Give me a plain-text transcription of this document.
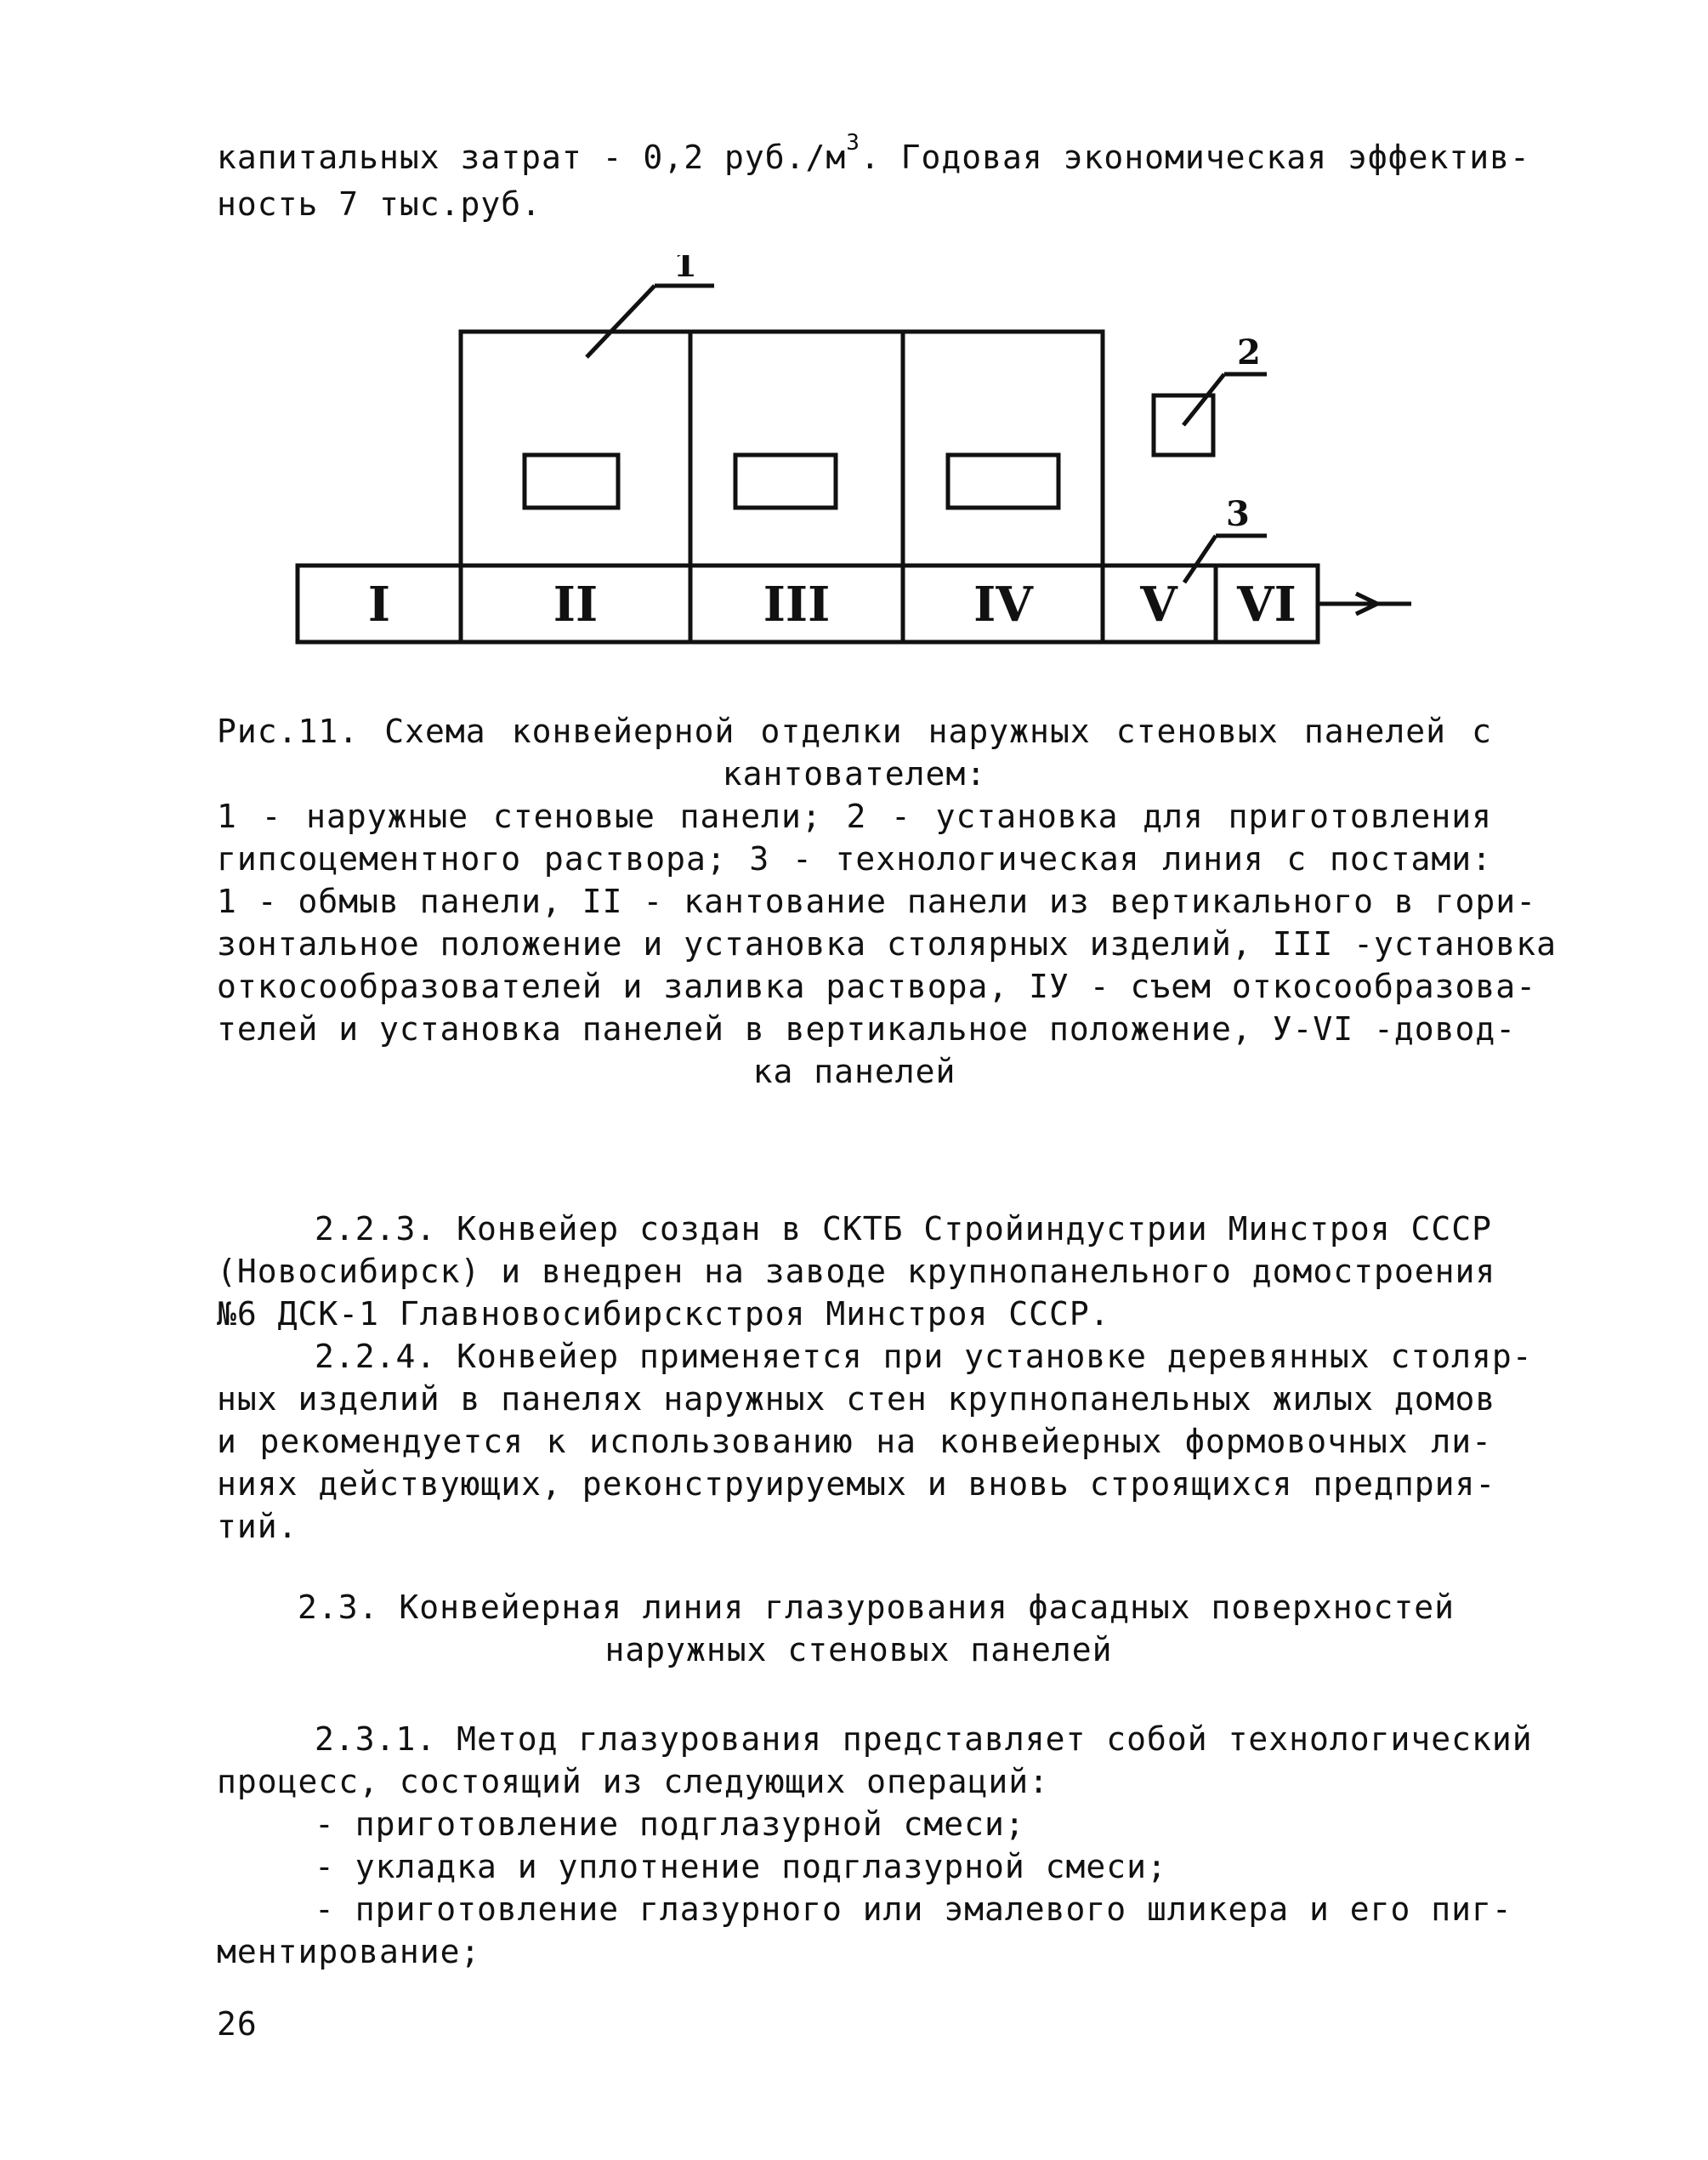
капитальных затрат - 0,2 $руб./м^3$. Годовая экономическая эффектив-
ность 7 тыс.руб.
1
2
3
I	II	III	IV V VI
Рис.11. Схема конвейерной отделки наружных стеновых панелей с
кантователем:
1 - наружные стеновые панели; 2 - установка для приготовления
гипсоцементного раствора; 3 - технологическая линия с постами:
1 - обмыв панели, II - кантование панели из вертикального в гори-
зонтальное положение и установка столярных изделий, III -установка
откосообразователей и заливка раствора, IУ - съем откосообразова-
телей и установка панелей в вертикальное положение, У-VI -довод-
ка панелей
2.2.3. Конвейер создан в СКТБ Стройиндустрии Минстроя СССР
(Новосибирск) и внедрен на заводе крупнопанельного домостроения
№6 ДСК-1 Главновосибирскстроя Минстроя СССР.
2.2.4. Конвейер применяется при установке деревянных столяр-
ных изделий в панелях наружных стен крупнопанельных жилых домов
и рекомендуется к использованию на конвейерных формовочных ли-
ниях действующих, реконструируемых и вновь строящихся предприя-
тий.
2.3. Конвейерная линия глазурования фасадных поверхностей
наружных стеновых панелей
2.3.1. Метод глазурования представляет собой технологический
процесс, состоящий из следующих операций:
- приготовление подглазурной смеси;
- укладка и уплотнение подглазурной смеси;
- приготовление глазурного или эмалевого шликера и его пиг-
ментирование;
26
